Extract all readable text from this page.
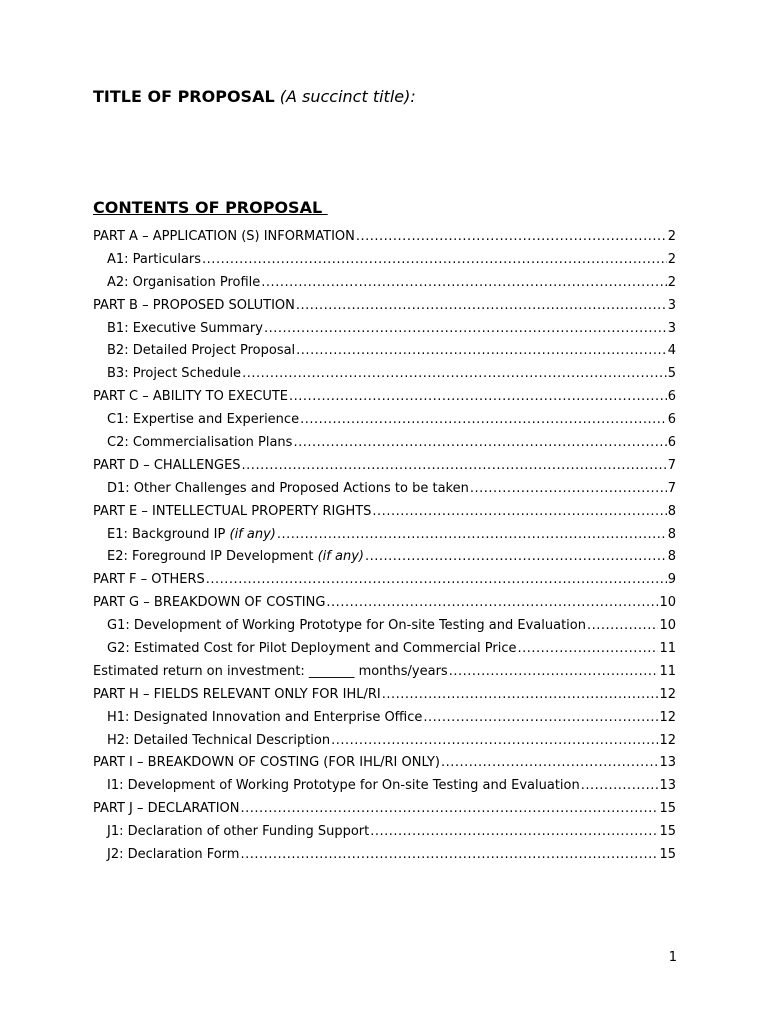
TITLE OF PROPOSAL (A succinct title):
CONTENTS OF PROPOSAL
PART A – APPLICATION (S) INFORMATION .....	2
A1: Particulars .....	2
A2: Organisation Profile .....	2
PART B – PROPOSED SOLUTION .....	3
B1: Executive Summary .....	3
B2: Detailed Project Proposal .....	4
B3: Project Schedule .....	5
PART C – ABILITY TO EXECUTE .....	6
C1: Expertise and Experience .....	6
C2: Commercialisation Plans .....	6
PART D – CHALLENGES .....	7
D1: Other Challenges and Proposed Actions to be taken .....	7
PART E – INTELLECTUAL PROPERTY RIGHTS .....	8
E1: Background IP (if any) .....	8
E2: Foreground IP Development (if any) .....	8
PART F – OTHERS .....	9
PART G – BREAKDOWN OF COSTING .....	10
G1: Development of Working Prototype for On-site Testing and Evaluation .....	10
G2: Estimated Cost for Pilot Deployment and Commercial Price .....	11
Estimated return on investment: _______ months/years .....	11
PART H – FIELDS RELEVANT ONLY FOR IHL/RI .....	12
H1: Designated Innovation and Enterprise Office .....	12
H2: Detailed Technical Description .....	12
PART I – BREAKDOWN OF COSTING (FOR IHL/RI ONLY) .....	13
I1: Development of Working Prototype for On-site Testing and Evaluation .....	13
PART J – DECLARATION .....	15
J1: Declaration of other Funding Support .....	15
J2: Declaration Form .....	15
1
